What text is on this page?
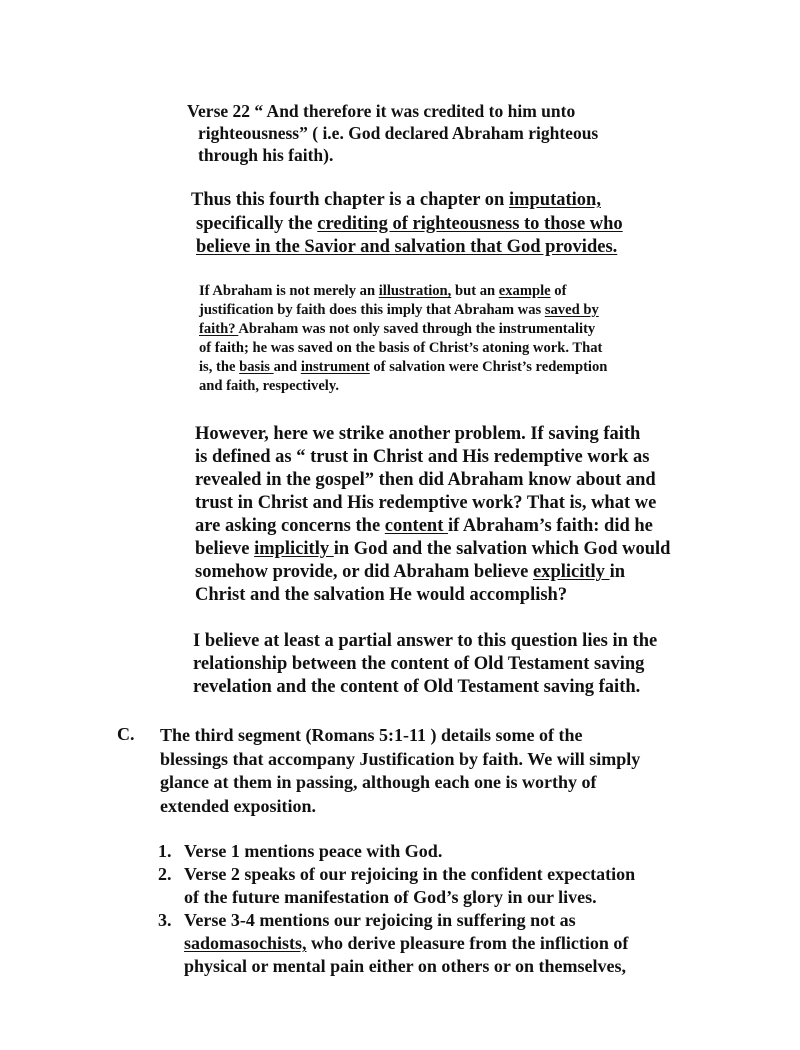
Verse 22 “ And therefore it was credited to him unto
righteousness” ( i.e. God declared Abraham righteous
through his faith).
Thus this fourth chapter is a chapter on imputation,
specifically the crediting of righteousness to those who
believe in the Savior and salvation that God provides.
If Abraham is not merely an illustration, but an example of
justification by faith does this imply that Abraham was saved by
faith? Abraham was not only saved through the instrumentality
of faith; he was saved on the basis of Christ’s atoning work. That
is, the basis and instrument of salvation were Christ’s redemption
and faith, respectively.
However, here we strike another problem. If saving faith
is defined as “ trust in Christ and His redemptive work as
revealed in the gospel” then did Abraham know about and
trust in Christ and His redemptive work? That is, what we
are asking concerns the content if Abraham’s faith: did he
believe implicitly in God and the salvation which God would
somehow provide, or did Abraham believe explicitly in
Christ and the salvation He would accomplish?
I believe at least a partial answer to this question lies in the
relationship between the content of Old Testament saving
revelation and the content of Old Testament saving faith.
C. The third segment (Romans 5:1-11 ) details some of the
blessings that accompany Justification by faith. We will simply
glance at them in passing, although each one is worthy of
extended exposition.
1. Verse 1 mentions peace with God.
2. Verse 2 speaks of our rejoicing in the confident expectation
of the future manifestation of God’s glory in our lives.
3. Verse 3-4 mentions our rejoicing in suffering not as
sadomasochists, who derive pleasure from the infliction of
physical or mental pain either on others or on themselves,
